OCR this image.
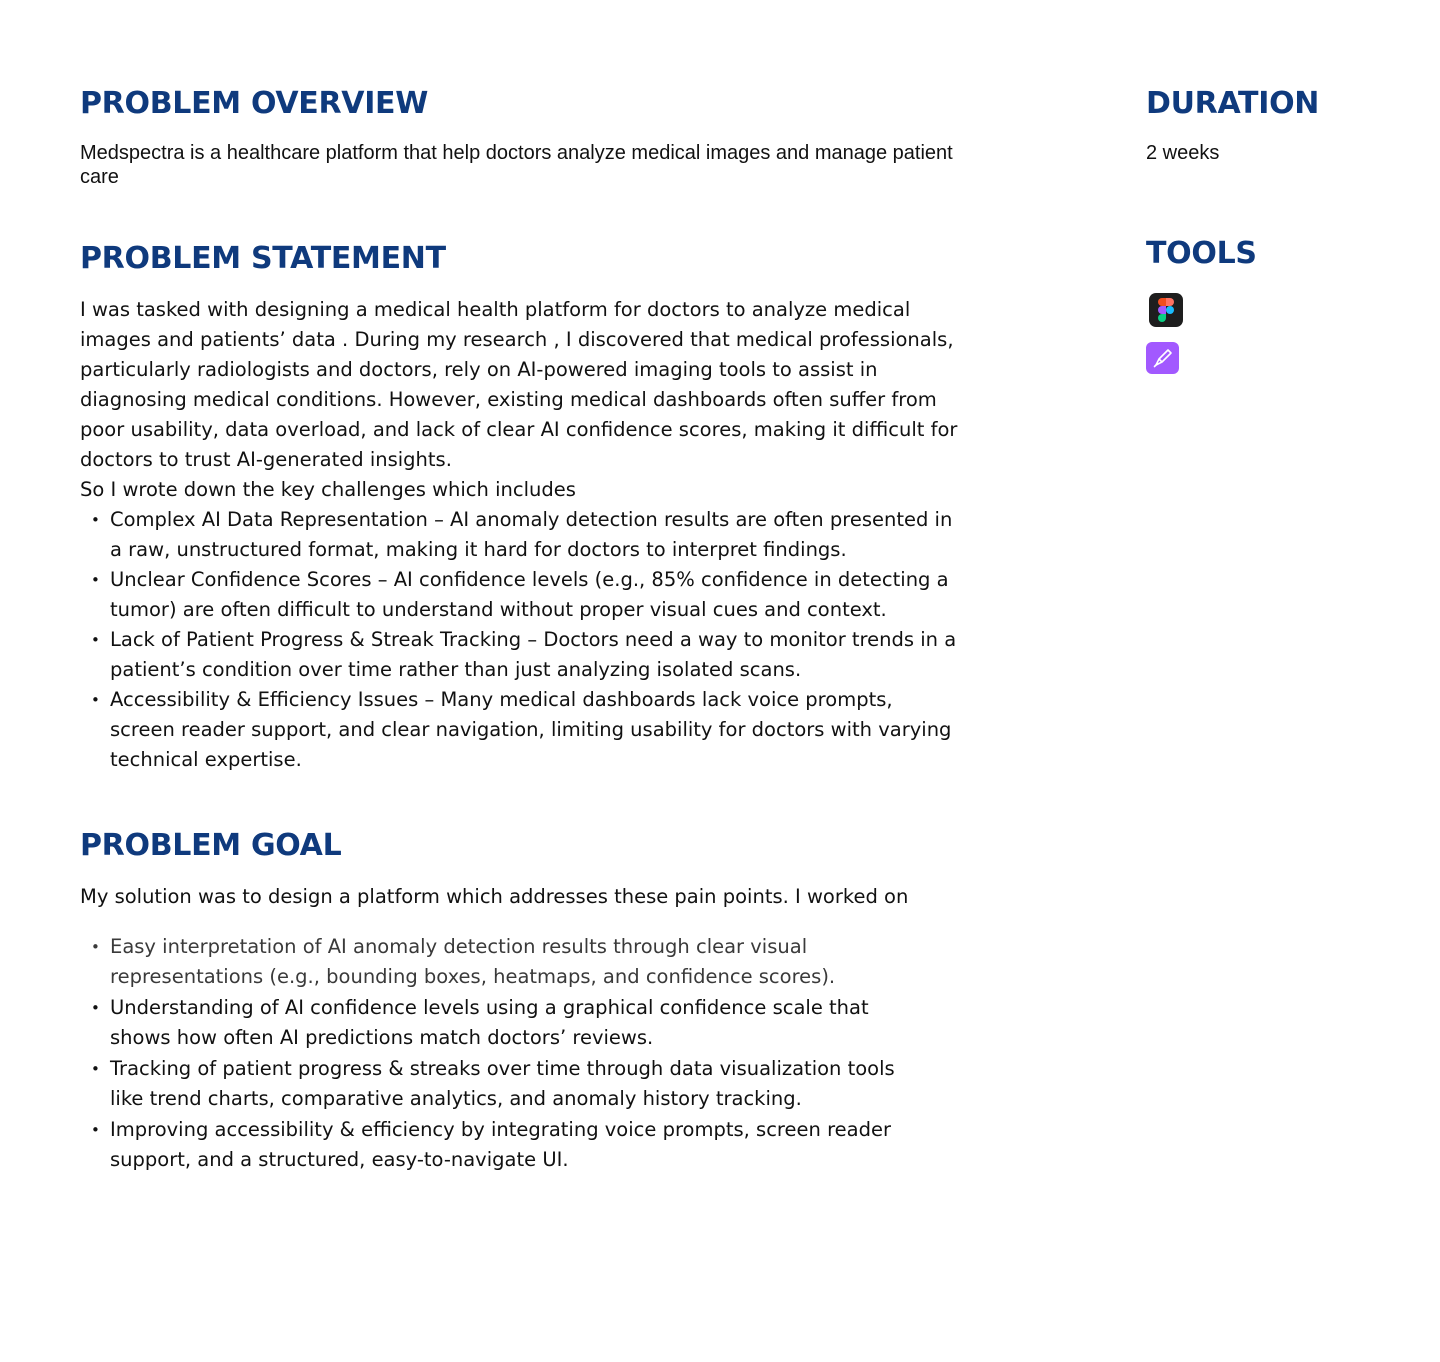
PROBLEM OVERVIEW
Medspectra is a healthcare platform that help doctors analyze medical images and manage patient care
DURATION
2 weeks
TOOLS
PROBLEM STATEMENT

I was tasked with designing a medical health platform for doctors to analyze medical images and patients’ data . During my research , I discovered that medical professionals, particularly radiologists and doctors, rely on AI-powered imaging tools to assist in diagnosing medical conditions. However, existing medical dashboards often suffer from poor usability, data overload, and lack of clear AI confidence scores, making it difficult for doctors to trust AI-generated insights.

So I wrote down the key challenges which includes

• Complex AI Data Representation – AI anomaly detection results are often presented in a raw, unstructured format, making it hard for doctors to interpret findings.
• Unclear Confidence Scores – AI confidence levels (e.g., 85% confidence in detecting a tumor) are often difficult to understand without proper visual cues and context.
• Lack of Patient Progress & Streak Tracking – Doctors need a way to monitor trends in a patient’s condition over time rather than just analyzing isolated scans.
• Accessibility & Efficiency Issues – Many medical dashboards lack voice prompts, screen reader support, and clear navigation, limiting usability for doctors with varying technical expertise.
PROBLEM GOAL
My solution was to design a platform which addresses these pain points. I worked on
• Easy interpretation of AI anomaly detection results through clear visual representations (e.g., bounding boxes, heatmaps, and confidence scores).
• Understanding of AI confidence levels using a graphical confidence scale that shows how often AI predictions match doctors’ reviews.
• Tracking of patient progress & streaks over time through data visualization tools like trend charts, comparative analytics, and anomaly history tracking.
• Improving accessibility & efficiency by integrating voice prompts, screen reader support, and a structured, easy-to-navigate UI.
